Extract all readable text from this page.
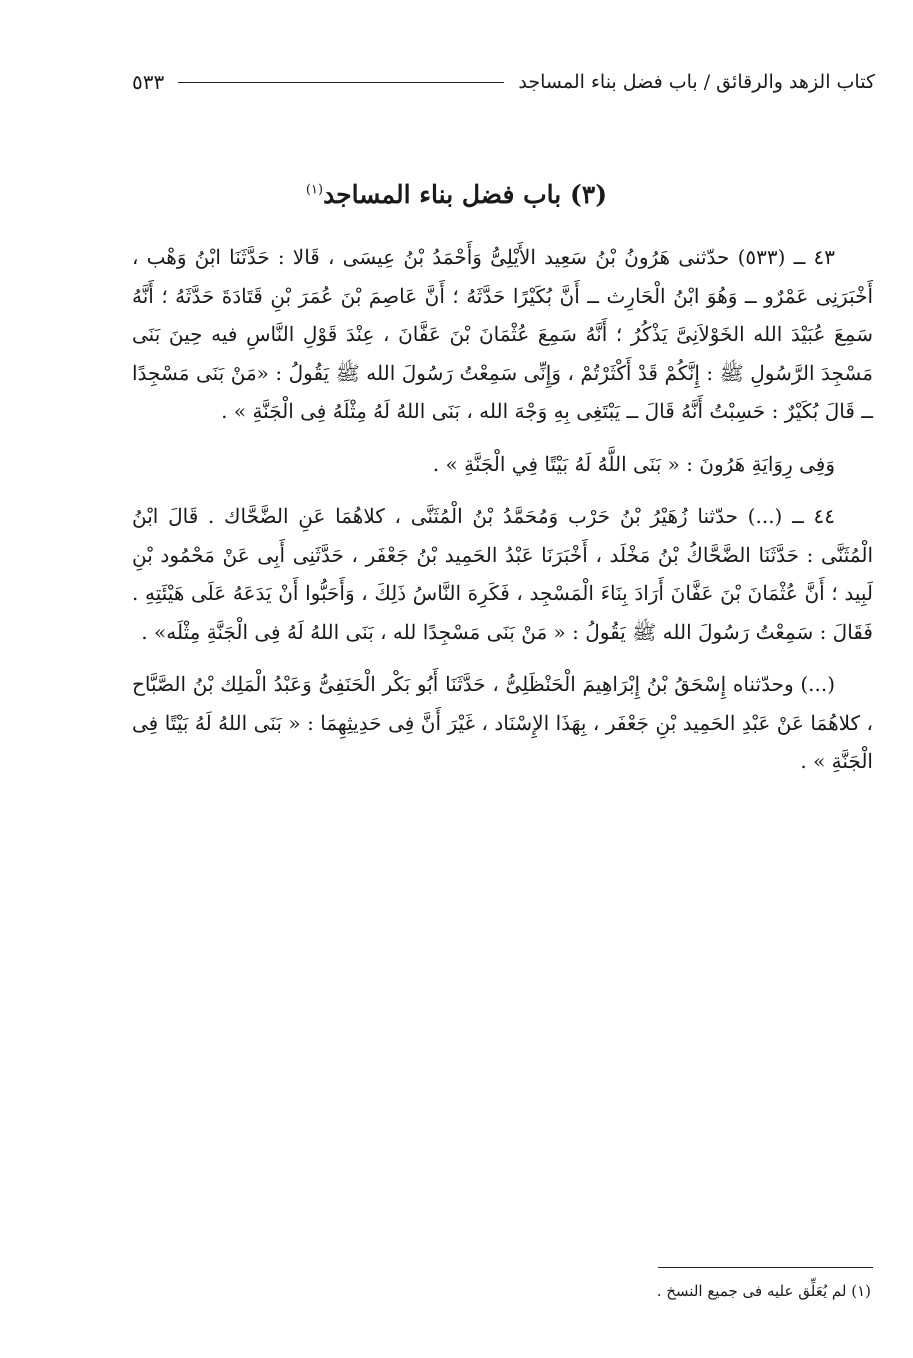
كتاب الزهد والرقائق / باب فضل بناء المساجد
٥٣٣
(٣) باب فضل بناء المساجد$^{(١)}$

٤٣ ــ (٥٣٣) حدّثنى هَرُونُ بْنُ سَعِيد الأَيْلِىُّ وَأَحْمَدُ بْنُ عِيسَى ، قَالا : حَدَّثَنَا ابْنُ وَهْب ، أَخْبَرَنِى عَمْرٌو ــ وَهُوَ ابْنُ الْحَارِث ــ أَنَّ بُكَيْرًا حَدَّثَهُ ؛ أَنَّ عَاصِمَ بْنَ عُمَرَ بْنِ قَتَادَةَ حَدَّثَهُ ؛ أَنَّهُ سَمِعَ عُبَيْدَ الله الخَوْلاَنِىَّ يَذْكُرُ ؛ أَنَّهُ سَمِعَ عُثْمَانَ بْنَ عَفَّانَ ، عِنْدَ قَوْلِ النَّاسِ فيه حِينَ بَنَى مَسْجِدَ الرَّسُولِ ﷺ : إِنَّكُمْ قَدْ أَكْثَرْتُمْ ، وَإِنِّى سَمِعْتُ رَسُولَ الله ﷺ يَقُولُ : «مَنْ بَنَى مَسْجِدًا ــ قَالَ بُكَيْرٌ : حَسِبْتُ أَنَّهُ قَالَ ــ يَبْتَغِى بِهِ وَجْهَ الله ، بَنَى اللهُ لَهُ مِثْلَهُ فِى الْجَنَّةِ » .

وَفِى رِوَايَةِ هَرُونَ : « بَنَى اللَّهُ لَهُ بَيْتًا فِي الْجَنَّةِ » .

٤٤ ــ (...) حدّثنا زُهَيْرُ بْنُ حَرْب وَمُحَمَّدُ بْنُ الْمُثَنَّى ، كلاهُمَا عَنِ الضَّحَّاك . قَالَ ابْنُ الْمُثَنَّى : حَدَّثَنَا الضَّحَّاكُ بْنُ مَخْلَد ، أَخْبَرَنَا عَبْدُ الحَمِيد بْنُ جَعْفَر ، حَدَّثَنِى أَبِى عَنْ مَحْمُود بْنِ لَبِيد ؛ أَنَّ عُثْمَانَ بْنَ عَفَّانَ أَرَادَ بِنَاءَ الْمَسْجِد ، فَكَرِهَ النَّاسُ ذَلِكَ ، وَأَحَبُّوا أَنْ يَدَعَهُ عَلَى هَيْئَتِهِ . فَقَالَ : سَمِعْتُ رَسُولَ الله ﷺ يَقُولُ : « مَنْ بَنَى مَسْجِدًا لله ، بَنَى اللهُ لَهُ فِى الْجَنَّةِ مِثْلَه» .

(...) وحدّثناه إِسْحَقُ بْنُ إِبْرَاهِيمَ الْحَنْظَلِىُّ ، حَدَّثَنَا أَبُو بَكْر الْحَنَفِىُّ وَعَبْدُ الْمَلِك بْنُ الصَّبَّاح ، كلاهُمَا عَنْ عَبْدِ الحَمِيد بْنِ جَعْفَر ، بِهَذَا الإِسْنَاد ، غَيْرَ أَنَّ فِى حَدِيثِهِمَا : « بَنَى اللهُ لَهُ بَيْتًا فِى الْجَنَّةِ » .

(١) لم يُعَلِّق عليه فى جميع النسخ .
